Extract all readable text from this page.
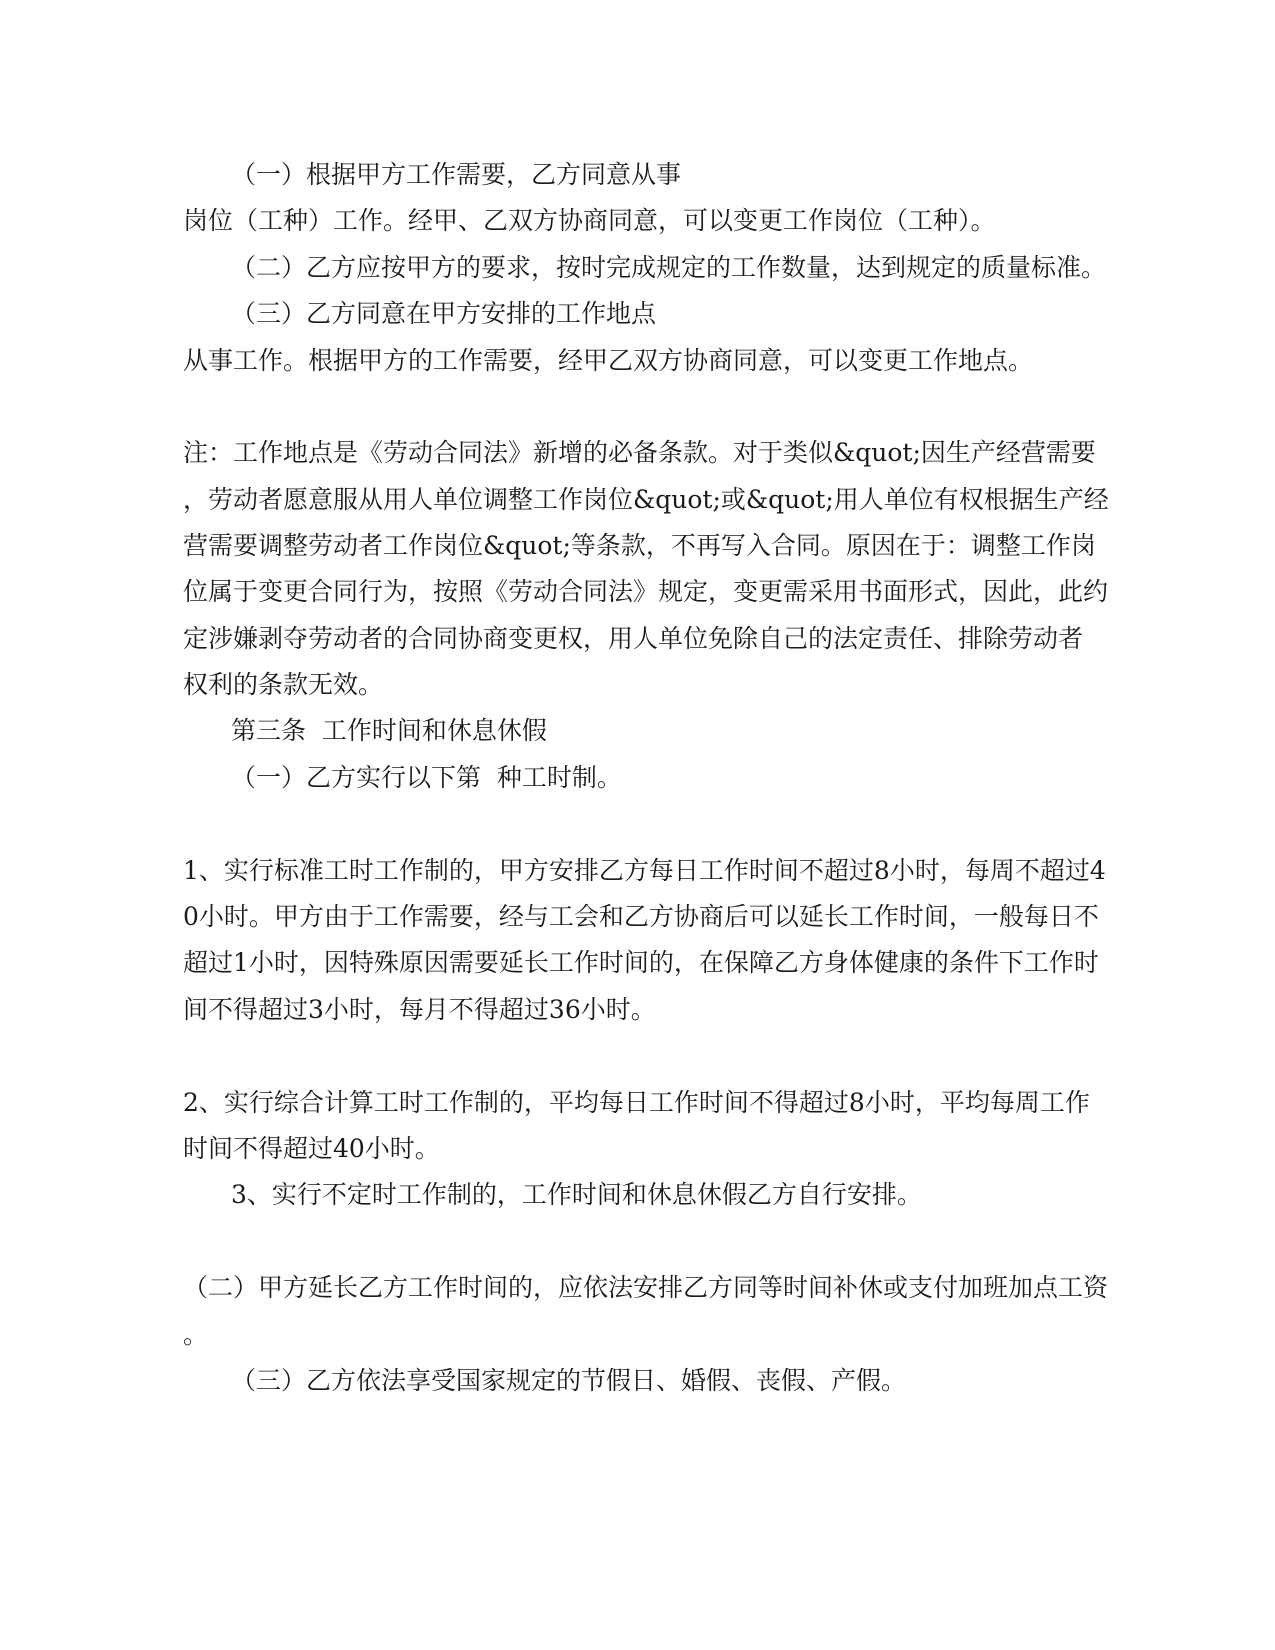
（一）根据甲方工作需要，乙方同意从事
岗位（工种）工作。经甲、乙双方协商同意，可以变更工作岗位（工种）。
（二）乙方应按甲方的要求，按时完成规定的工作数量，达到规定的质量标准。
（三）乙方同意在甲方安排的工作地点
从事工作。根据甲方的工作需要，经甲乙双方协商同意，可以变更工作地点。
注：工作地点是《劳动合同法》新增的必备条款。对于类似&quot;因生产经营需要
，劳动者愿意服从用人单位调整工作岗位&quot;或&quot;用人单位有权根据生产经
营需要调整劳动者工作岗位&quot;等条款，不再写入合同。原因在于：调整工作岗
位属于变更合同行为，按照《劳动合同法》规定，变更需采用书面形式，因此，此约
定涉嫌剥夺劳动者的合同协商变更权，用人单位免除自己的法定责任、排除劳动者
权利的条款无效。
第三条  工作时间和休息休假
（一）乙方实行以下第  种工时制。
1、实行标准工时工作制的，甲方安排乙方每日工作时间不超过8小时，每周不超过4
0小时。甲方由于工作需要，经与工会和乙方协商后可以延长工作时间，一般每日不
超过1小时，因特殊原因需要延长工作时间的，在保障乙方身体健康的条件下工作时
间不得超过3小时，每月不得超过36小时。
2、实行综合计算工时工作制的，平均每日工作时间不得超过8小时，平均每周工作
时间不得超过40小时。
3、实行不定时工作制的，工作时间和休息休假乙方自行安排。
（二）甲方延长乙方工作时间的，应依法安排乙方同等时间补休或支付加班加点工资
。
（三）乙方依法享受国家规定的节假日、婚假、丧假、产假。
